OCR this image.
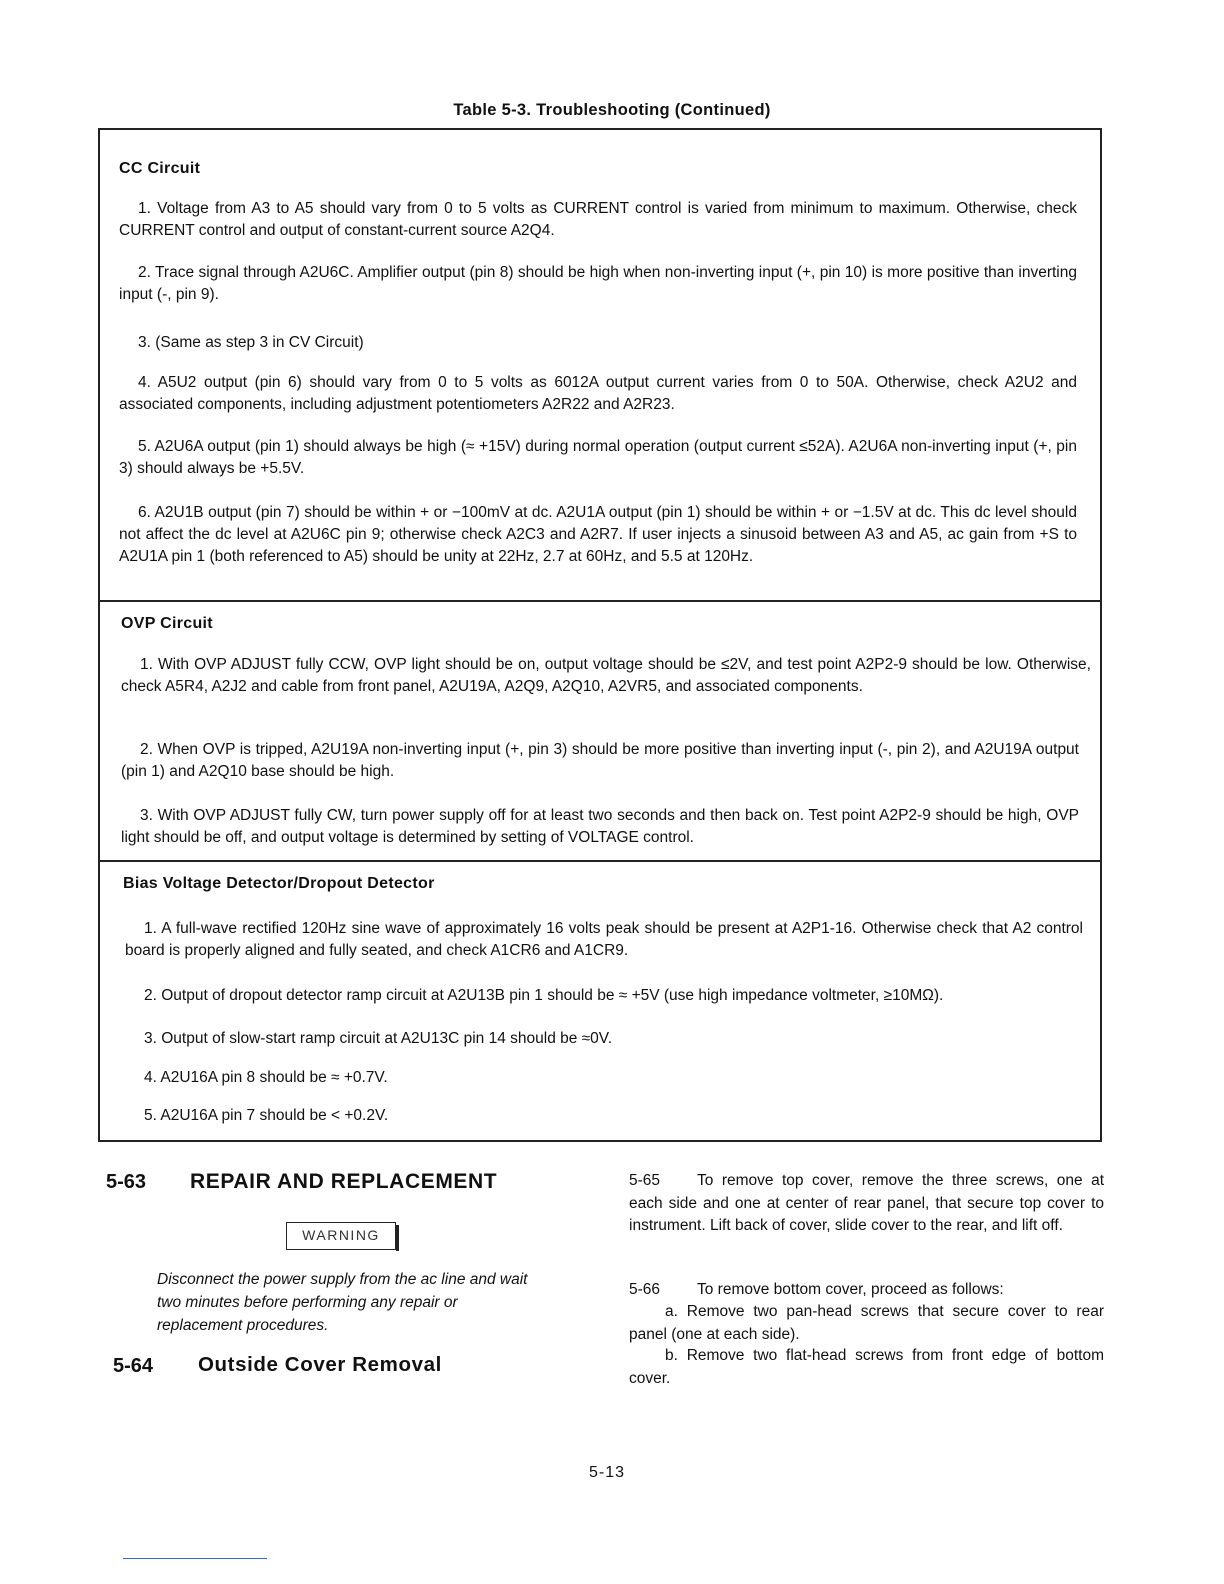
Table 5-3. Troubleshooting (Continued)
CC Circuit
1. Voltage from A3 to A5 should vary from 0 to 5 volts as CURRENT control is varied from minimum to maximum. Otherwise, check CURRENT control and output of constant-current source A2Q4.
2. Trace signal through A2U6C. Amplifier output (pin 8) should be high when non-inverting input (+, pin 10) is more positive than inverting input (-, pin 9).
3. (Same as step 3 in CV Circuit)
4. A5U2 output (pin 6) should vary from 0 to 5 volts as 6012A output current varies from 0 to 50A. Otherwise, check A2U2 and associated components, including adjustment potentiometers A2R22 and A2R23.
5. A2U6A output (pin 1) should always be high (≈ +15V) during normal operation (output current ≤52A). A2U6A non-inverting input (+, pin 3) should always be +5.5V.
6. A2U1B output (pin 7) should be within + or −100mV at dc. A2U1A output (pin 1) should be within + or −1.5V at dc. This dc level should not affect the dc level at A2U6C pin 9; otherwise check A2C3 and A2R7. If user injects a sinusoid between A3 and A5, ac gain from +S to A2U1A pin 1 (both referenced to A5) should be unity at 22Hz, 2.7 at 60Hz, and 5.5 at 120Hz.
OVP Circuit
1. With OVP ADJUST fully CCW, OVP light should be on, output voltage should be ≤2V, and test point A2P2-9 should be low. Otherwise, check A5R4, A2J2 and cable from front panel, A2U19A, A2Q9, A2Q10, A2VR5, and associated components.
2. When OVP is tripped, A2U19A non-inverting input (+, pin 3) should be more positive than inverting input (-, pin 2), and A2U19A output (pin 1) and A2Q10 base should be high.
3. With OVP ADJUST fully CW, turn power supply off for at least two seconds and then back on. Test point A2P2-9 should be high, OVP light should be off, and output voltage is determined by setting of VOLTAGE control.
Bias Voltage Detector/Dropout Detector
1. A full-wave rectified 120Hz sine wave of approximately 16 volts peak should be present at A2P1-16. Otherwise check that A2 control board is properly aligned and fully seated, and check A1CR6 and A1CR9.
2. Output of dropout detector ramp circuit at A2U13B pin 1 should be ≈ +5V (use high impedance voltmeter, ≥10MΩ).
3. Output of slow-start ramp circuit at A2U13C pin 14 should be ≈0V.
4. A2U16A pin 8 should be ≈ +0.7V.
5. A2U16A pin 7 should be < +0.2V.
5-63 REPAIR AND REPLACEMENT
WARNING
Disconnect the power supply from the ac line and wait two minutes before performing any repair or replacement procedures.
5-64 Outside Cover Removal
5-65 To remove top cover, remove the three screws, one at each side and one at center of rear panel, that secure top cover to instrument. Lift back of cover, slide cover to the rear, and lift off.
5-66 To remove bottom cover, proceed as follows:
a. Remove two pan-head screws that secure cover to rear panel (one at each side).
b. Remove two flat-head screws from front edge of bottom cover.
5-13
